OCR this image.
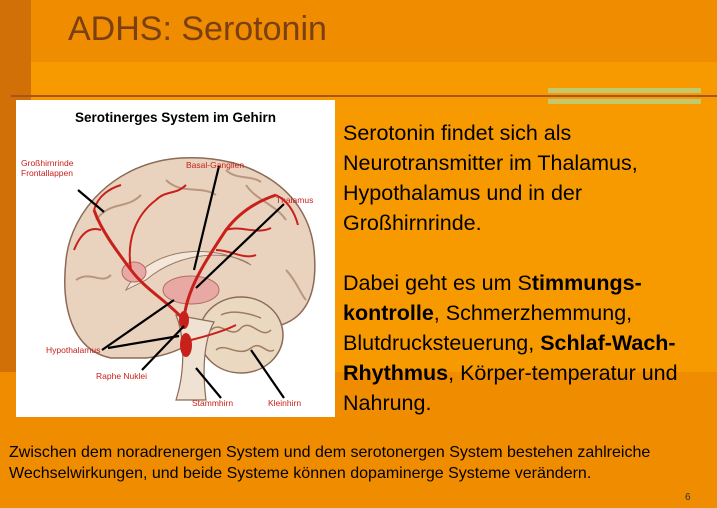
ADHS: Serotonin
Serotinerges System im Gehirn
Großhirnrinde
Frontallappen
Basal-Ganglien
Thalamus
Hypothalamus
Raphe Nuklei
Stammhirn	Kleinhirn

Serotonin findet sich als Neurotransmitter im Thalamus, Hypothalamus und in der Großhirnrinde.

Dabei geht es um Stimmungs-kontrolle, Schmerzhemmung, Blutdrucksteuerung, Schlaf-Wach-Rhythmus, Körper-temperatur und Nahrung.

Zwischen dem noradrenergen System und dem serotonergen System bestehen zahlreiche Wechselwirkungen, und beide Systeme können dopaminerge Systeme verändern.
6
